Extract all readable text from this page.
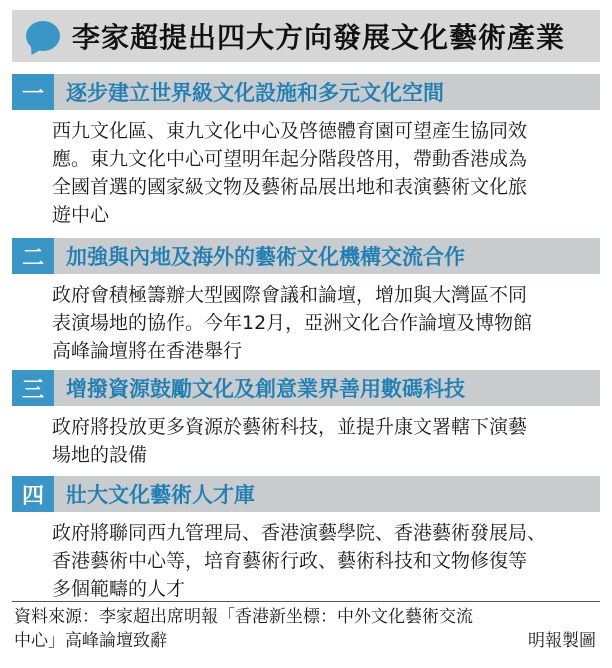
李家超提出四大方向發展文化藝術產業
一	逐步建立世界級文化設施和多元文化空間
西九文化區、東九文化中心及啓德體育園可望產生協同效
應。東九文化中心可望明年起分階段啓用，帶動香港成為
全國首選的國家級文物及藝術品展出地和表演藝術文化旅
遊中心
二	加強與內地及海外的藝術文化機構交流合作
政府會積極籌辦大型國際會議和論壇，增加與大灣區不同
表演場地的協作。今年12月，亞洲文化合作論壇及博物館
高峰論壇將在香港舉行
三	增撥資源鼓勵文化及創意業界善用數碼科技
政府將投放更多資源於藝術科技，並提升康文署轄下演藝
場地的設備
四	壯大文化藝術人才庫
政府將聯同西九管理局、香港演藝學院、香港藝術發展局、
香港藝術中心等，培育藝術行政、藝術科技和文物修復等
多個範疇的人才
資料來源：李家超出席明報「香港新坐標：中外文化藝術交流
中心」高峰論壇致辭	明報製圖
